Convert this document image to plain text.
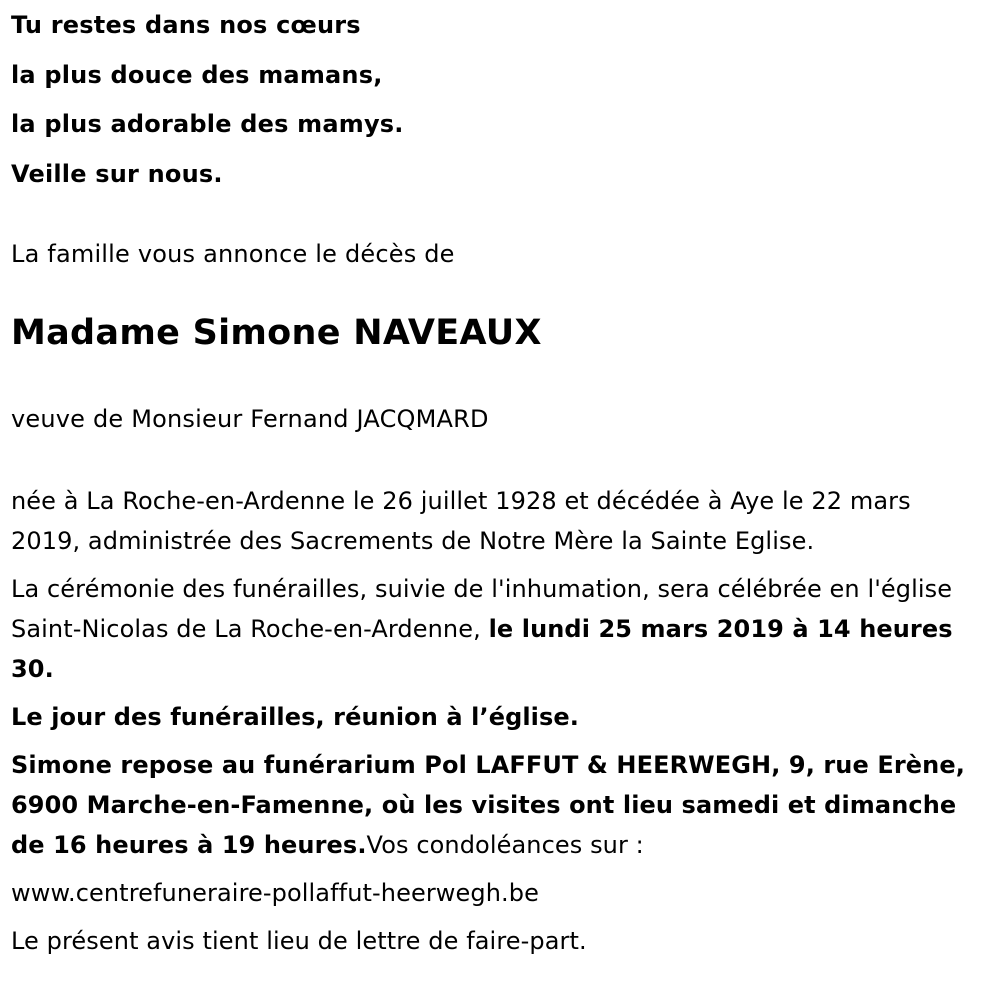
Tu restes dans nos cœurs

la plus douce des mamans,

la plus adorable des mamys.

Veille sur nous.

La famille vous annonce le décès de

Madame Simone NAVEAUX

veuve de Monsieur Fernand JACQMARD

née à La Roche-en-Ardenne le 26 juillet 1928 et décédée à Aye le 22 mars 2019, administrée des Sacrements de Notre Mère la Sainte Eglise.

La cérémonie des funérailles, suivie de l'inhumation, sera célébrée en l'église Saint-Nicolas de La Roche-en-Ardenne, le lundi 25 mars 2019 à 14 heures 30.

Le jour des funérailles, réunion à l’église.

Simone repose au funérarium Pol LAFFUT & HEERWEGH, 9, rue Erène, 6900 Marche-en-Famenne, où les visites ont lieu samedi et dimanche de 16 heures à 19 heures.Vos condoléances sur :

www.centrefuneraire-pollaffut-heerwegh.be

Le présent avis tient lieu de lettre de faire-part.
